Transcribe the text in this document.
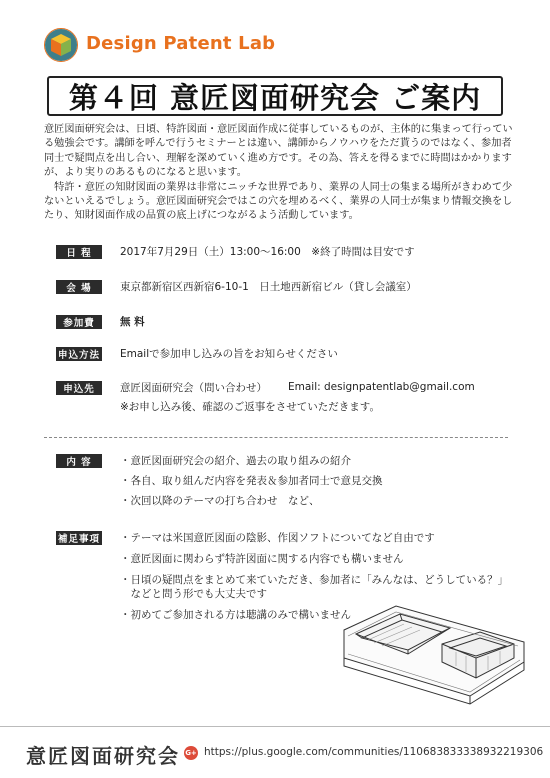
Design Patent Lab
第４回 意匠図面研究会 ご案内

意匠図面研究会は、日頃、特許図面・意匠図面作成に従事しているものが、主体的に集まって行っている勉強会です。講師を呼んで行うセミナーとは違い、講師からノウハウをただ貰うのではなく、参加者同士で疑問点を出し合い、理解を深めていく進め方です。その為、答えを得るまでに時間はかかりますが、より実りのあるものになると思います。

　特許・意匠の知財図面の業界は非常にニッチな世界であり、業界の人同士の集まる場所がきわめて少ないといえるでしょう。意匠図面研究会ではこの穴を埋めるべく、業界の人同士が集まり情報交換をしたり、知財図面作成の品質の底上げにつながるよう活動しています。

日 程	2017年7月29日（土）13:00〜16:00　※終了時間は目安です
会 場	東京都新宿区西新宿6-10-1　日土地西新宿ビル（貸し会議室）
参加費	無 料
申込方法 Emailで参加申し込みの旨をお知らせください
申込先	意匠図面研究会（問い合わせ） Email: designpatentlab@gmail.com
※お申し込み後、確認のご返事をさせていただきます。
内 容	・意匠図面研究会の紹介、過去の取り組みの紹介
・各自、取り組んだ内容を発表＆参加者同士で意見交換
・次回以降のテーマの打ち合わせ　など、
補足事項 ・テーマは米国意匠図面の陰影、作図ソフトについてなど自由です
・意匠図面に関わらず特許図面に関する内容でも構いません
・日頃の疑問点をまとめて来ていただき、参加者に「みんなは、どうしている？」
　などと問う形でも大丈夫です
・初めてご参加される方は聴講のみで構いません
意匠図面研究会 G+ https://plus.google.com/communities/110683833338932219306
